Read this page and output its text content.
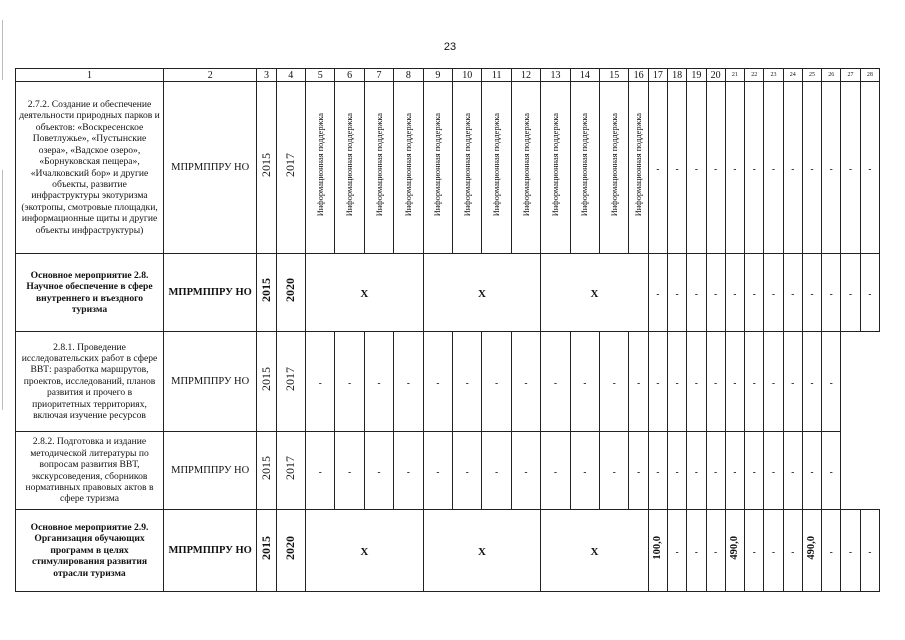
23
1	2	3	4	5	6	7	8	9	10	11	12	13	14	15	16	17	18	19	20	21	22	23	24	25	26	27	28
2.7.2. Создание и обеспечение деятельности природных парков и объектов: «Воскресенское Поветлужье», «Пустынские озера», «Вадское озеро», «Борнуковская пещера», «Ичалковский бор» и другие объекты, развитие инфраструктуры экотуризма (экотропы, смотровые площадки, информационные щиты и другие объекты инфраструктуры)	МПРМППРУ НО	2015	2017	Информационная поддержка	Информационная поддержка	Информационная поддержка	Информационная поддержка	Информационная поддержка	Информационная поддержка	Информационная поддержка	Информационная поддержка	Информационная поддержка	Информационная поддержка	Информационная поддержка	Информационная поддержка	-	-	-	-	-	-	-	-	-	-	-	-
Основное мероприятие 2.8. Научное обеспечение в сфере внутреннего и въездного туризма	МПРМППРУ НО	2015	2020	X				X				X				-	-	-	-	-	-	-	-	-	-	-	-
2.8.1. Проведение исследовательских работ в сфере ВВТ: разработка маршрутов, проектов, исследований, планов развития и прочего в приоритетных территориях, включая изучение ресурсов	МПРМППРУ НО	2015	2017	-	-	-	-	-	-	-	-	-	-	-	-	-	-	-	-	-	-	-	-	-	-		
2.8.2. Подготовка и издание методической литературы по вопросам развития ВВТ, экскурсоведения, сборников нормативных правовых актов в сфере туризма	МПРМППРУ НО	2015	2017	-	-	-	-	-	-	-	-	-	-	-	-	-	-	-	-	-	-	-	-	-	-		
Основное мероприятие 2.9. Организация обучающих программ в целях стимулирования развития отрасли туризма	МПРМППРУ НО	2015	2020	X				X				X				100,0	-	-	-	490,0	-	-	-	490,0	-	-	-
